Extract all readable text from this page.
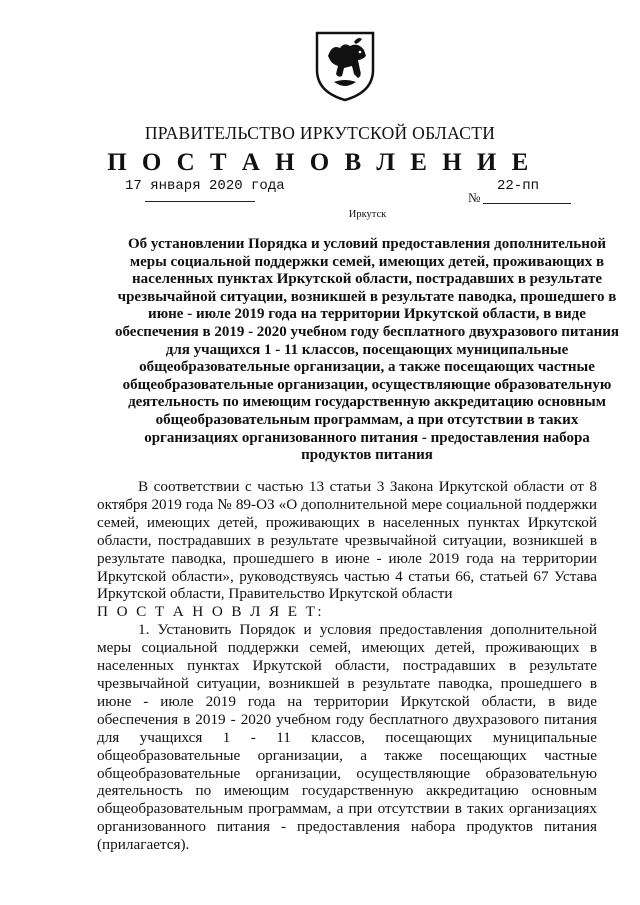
ПРАВИТЕЛЬСТВО ИРКУТСКОЙ ОБЛАСТИ
П О С Т А Н О В Л Е Н И Е
17 января 2020 года
№
22-пп
Иркутск
Об установлении Порядка и условий предоставления дополнительной меры социальной поддержки семей, имеющих детей, проживающих в населенных пунктах Иркутской области, пострадавших в результате чрезвычайной ситуации, возникшей в результате паводка, прошедшего в июне - июле 2019 года на территории Иркутской области, в виде обеспечения в 2019 - 2020 учебном году бесплатного двухразового питания для учащихся 1 - 11 классов, посещающих муниципальные общеобразовательные организации, а также посещающих частные общеобразовательные организации, осуществляющие образовательную деятельность по имеющим государственную аккредитацию основным общеобразовательным программам, а при отсутствии в таких организациях организованного питания - предоставления набора продуктов питания

В соответствии с частью 13 статьи 3 Закона Иркутской области от 8 октября 2019 года № 89-ОЗ «О дополнительной мере социальной поддержки семей, имеющих детей, проживающих в населенных пунктах Иркутской области, пострадавших в результате чрезвычайной ситуации, возникшей в результате паводка, прошедшего в июне - июле 2019 года на территории Иркутской области», руководствуясь частью 4 статьи 66, статьей 67 Устава Иркутской области, Правительство Иркутской области

П О С Т А Н О В Л Я Е Т:

1. Установить Порядок и условия предоставления дополнительной меры социальной поддержки семей, имеющих детей, проживающих в населенных пунктах Иркутской области, пострадавших в результате чрезвычайной ситуации, возникшей в результате паводка, прошедшего в июне - июле 2019 года на территории Иркутской области, в виде обеспечения в 2019 - 2020 учебном году бесплатного двухразового питания для учащихся 1 - 11 классов, посещающих муниципальные общеобразовательные организации, а также посещающих частные общеобразовательные организации, осуществляющие образовательную деятельность по имеющим государственную аккредитацию основным общеобразовательным программам, а при отсутствии в таких организациях организованного питания - предоставления набора продуктов питания (прилагается).
